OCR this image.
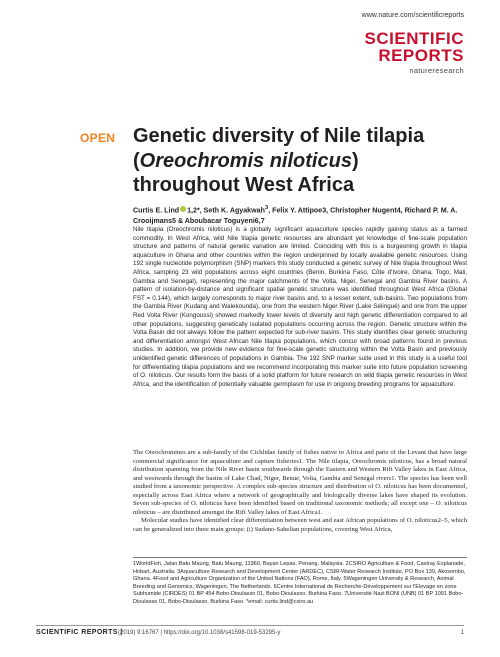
www.nature.com/scientificreports
SCIENTIFIC
REPORTS
natureresearch
OPEN Genetic diversity of Nile tilapia (Oreochromis niloticus) throughout West Africa
Curtis E. Lind 1,2*, Seth K. Agyakwah$^3$, Felix Y. Attipoe3, Christopher Nugent4, Richard P. M. A. Crooijmans5 & Aboubacar Toguyeni6,7
Nile tilapia (Oreochromis niloticus) is a globally significant aquaculture species rapidly gaining status as a farmed commodity. In West Africa, wild Nile tilapia genetic resources are abundant yet knowledge of fine-scale population structure and patterns of natural genetic variation are limited. Coinciding with this is a burgeoning growth in tilapia aquaculture in Ghana and other countries within the region underpinned by locally available genetic resources. Using 192 single nucleotide polymorphism (SNP) markers this study conducted a genetic survey of Nile tilapia throughout West Africa, sampling 23 wild populations across eight countries (Benin, Burkina Faso, Côte d'Ivoire, Ghana, Togo, Mali, Gambia and Senegal), representing the major catchments of the Volta, Niger, Senegal and Gambia River basins. A pattern of isolation-by-distance and significant spatial genetic structure was identified throughout West Africa (Global FST = 0.144), which largely corresponds to major river basins and, to a lesser extent, sub-basins. Two populations from the Gambia River (Kudang and Walekounda), one from the western Niger River (Lake Sélingué) and one from the upper Red Volta River (Kongoussi) showed markedly lower levels of diversity and high genetic differentiation compared to all other populations, suggesting genetically isolated populations occurring across the region. Genetic structure within the Volta Basin did not always follow the pattern expected for sub-river basins. This study identifies clear genetic structuring and differentiation amongst West African Nile tilapia populations, which concur with broad patterns found in previous studies. In addition, we provide new evidence for fine-scale genetic structuring within the Volta Basin and previously unidentified genetic differences of populations in Gambia. The 192 SNP marker suite used in this study is a useful tool for differentiating tilapia populations and we recommend incorporating this marker suite into future population screening of O. niloticus. Our results form the basis of a solid platform for future research on wild tilapia genetic resources in West Africa, and the identification of potentially valuable germplasm for use in ongoing breeding programs for aquaculture.

The Oreochromines are a sub-family of the Cichlidae family of fishes native to Africa and parts of the Levant that have large commercial significance for aquaculture and capture fisheries1. The Nile tilapia, Oreochromis niloticus, has a broad natural distribution spanning from the Nile River basin southwards through the Eastern and Western Rift Valley lakes in East Africa, and westwards through the basins of Lake Chad, Niger, Benue, Volta, Gambia and Senegal rivers1. The species has been well studied from a taxonomic perspective. A complex sub-species structure and distribution of O. niloticus has been documented, especially across East Africa where a network of geographically and biologically diverse lakes have shaped its evolution. Seven sub-species of O. niloticus have been identified based on traditional taxonomic methods; all except one – O. niloticus niloticus – are distributed amongst the Rift Valley lakes of East Africa1.

Molecular studies have identified clear differentiation between west and east African populations of O. niloticus2–5, which can be generalized into three main groups: (i) Sudano-Sahelian populations, covering West Africa,

1WorldFish, Jalan Batu Maung, Batu Maung, 11960, Bayan Lepas, Penang, Malaysia. 2CSIRO Agriculture & Food, Castray Esplanade, Hobart, Australia. 3Aquaculture Research and Development Center (ARDEC), CSIR-Water Research Institute, PO Box 139, Akosombo, Ghana. 4Food and Agriculture Organization of the United Nations (FAO), Rome, Italy. 5Wageningen University & Research, Animal Breeding and Genomics, Wageningen, The Netherlands. 6Centre International de Recherche-Développement sur l'Elevage en zone Subhumide (CIRDES) 01 BP 454 Bobo-Dioulasso 01, Bobo-Dioulasso, Burkina Faso. 7Université Nazi BONI (UNB) 01 BP 1091 Bobo-Dioulasso 01, Bobo-Dioulasso, Burkina Faso. *email: curtis.lind@csiro.au
SCIENTIFIC REPORTS |
(2019) 9:16767 | https://doi.org/10.1038/s41598-019-53295-y	1
